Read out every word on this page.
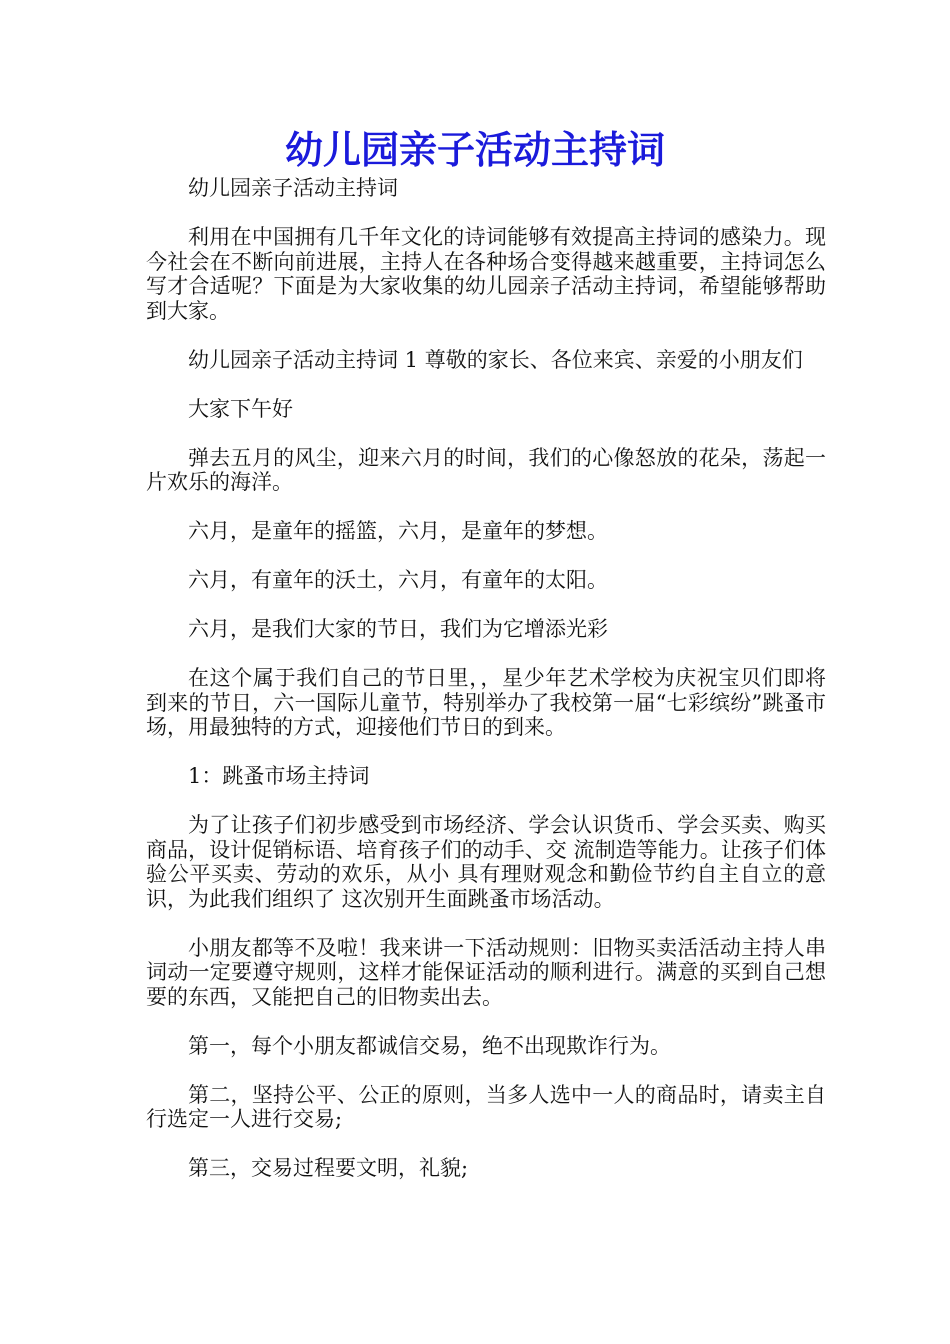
幼儿园亲子活动主持词

幼儿园亲子活动主持词

利用在中国拥有几千年文化的诗词能够有效提高主持词的感染力。现今社会在不断向前进展，主持人在各种场合变得越来越重要，主持词怎么写才合适呢？下面是为大家收集的幼儿园亲子活动主持词，希望能够帮助到大家。

幼儿园亲子活动主持词 1 尊敬的家长、各位来宾、亲爱的小朋友们

大家下午好

弹去五月的风尘，迎来六月的时间，我们的心像怒放的花朵，荡起一片欢乐的海洋。

六月，是童年的摇篮，六月，是童年的梦想。

六月，有童年的沃土，六月，有童年的太阳。

六月，是我们大家的节日，我们为它增添光彩

在这个属于我们自己的节日里，，星少年艺术学校为庆祝宝贝们即将到来的节日，六一国际儿童节，特别举办了我校第一届“七彩缤纷”跳蚤市场，用最独特的方式，迎接他们节日的到来。

1：跳蚤市场主持词

为了让孩子们初步感受到市场经济、学会认识货币、学会买卖、购买商品，设计促销标语、培育孩子们的动手、交 流制造等能力。让孩子们体验公平买卖、劳动的欢乐，从小 具有理财观念和勤俭节约自主自立的意识，为此我们组织了 这次别开生面跳蚤市场活动。

小朋友都等不及啦！我来讲一下活动规则：旧物买卖活活动主持人串词动一定要遵守规则，这样才能保证活动的顺利进行。满意的买到自己想要的东西，又能把自己的旧物卖出去。

第一，每个小朋友都诚信交易，绝不出现欺诈行为。

第二，坚持公平、公正的原则，当多人选中一人的商品时，请卖主自行选定一人进行交易;

第三，交易过程要文明，礼貌;
